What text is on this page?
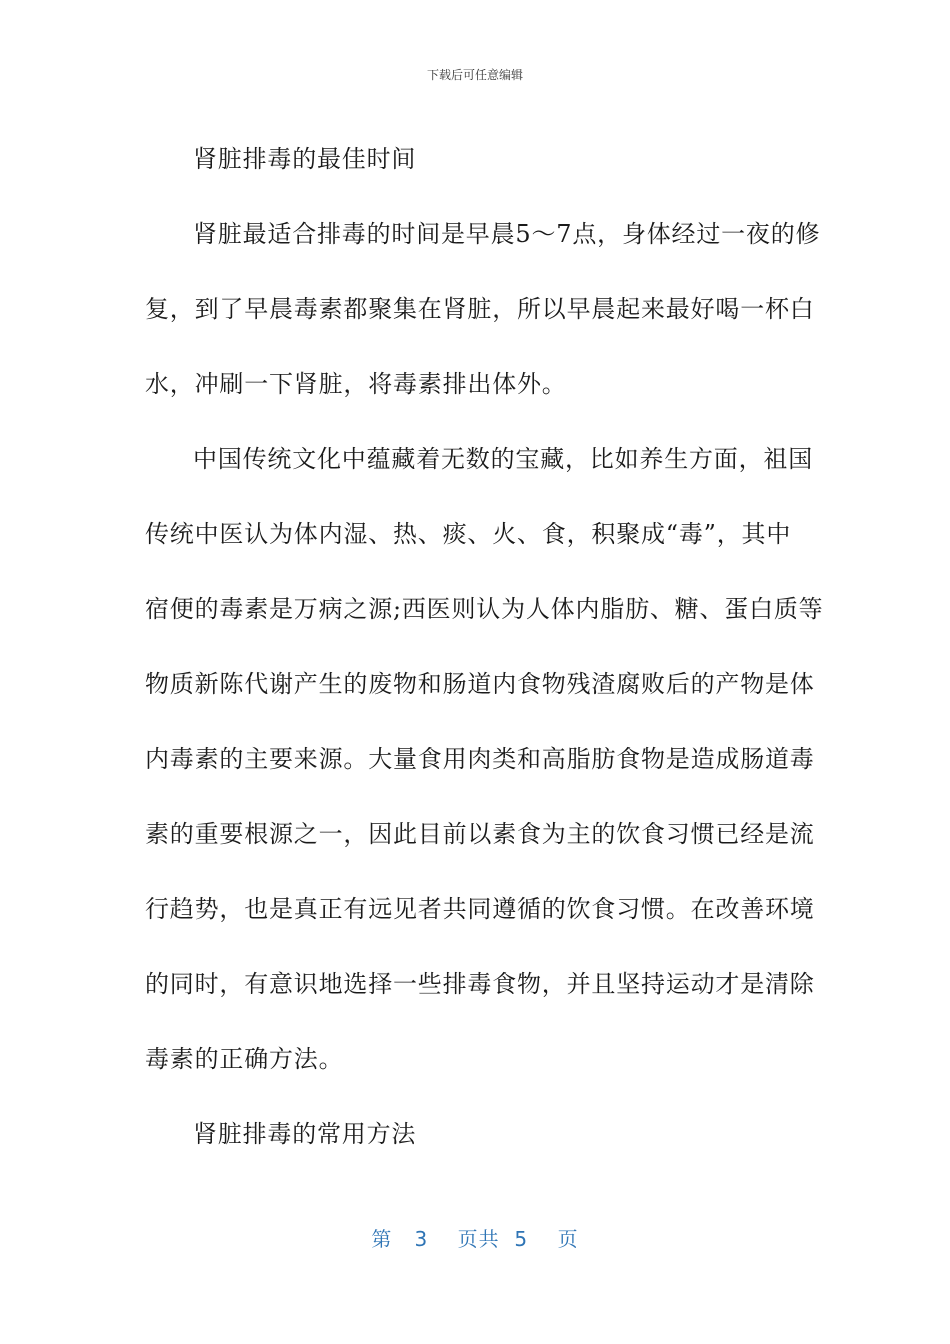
下载后可任意编辑

肾脏排毒的最佳时间

肾脏最适合排毒的时间是早晨5～7点，身体经过一夜的修
复，到了早晨毒素都聚集在肾脏，所以早晨起来最好喝一杯白
水，冲刷一下肾脏，将毒素排出体外。

中国传统文化中蕴藏着无数的宝藏，比如养生方面，祖国
传统中医认为体内湿、热、痰、火、食，积聚成“毒”，其中
宿便的毒素是万病之源;西医则认为人体内脂肪、糖、蛋白质等
物质新陈代谢产生的废物和肠道内食物残渣腐败后的产物是体
内毒素的主要来源。大量食用肉类和高脂肪食物是造成肠道毒
素的重要根源之一，因此目前以素食为主的饮食习惯已经是流
行趋势，也是真正有远见者共同遵循的饮食习惯。在改善环境
的同时，有意识地选择一些排毒食物，并且坚持运动才是清除
毒素的正确方法。

肾脏排毒的常用方法

第 3 页共 5 页
